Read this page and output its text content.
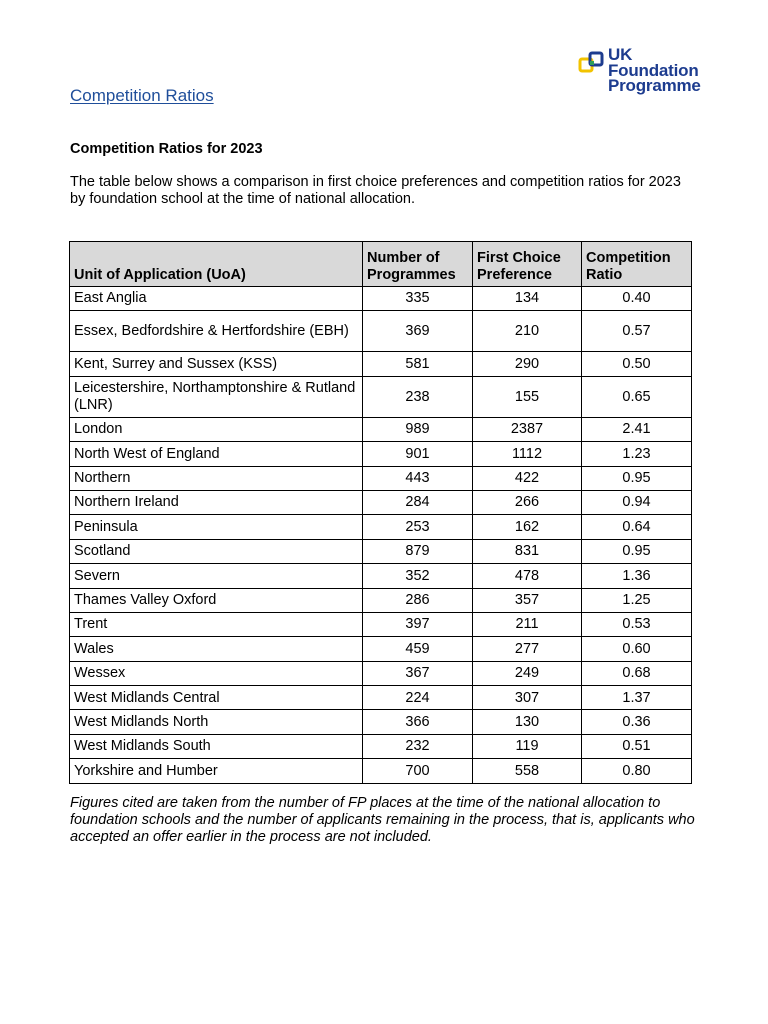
UK
Foundation
Programme
Competition Ratios
Competition Ratios for 2023
The table below shows a comparison in first choice preferences and competition ratios for 2023 by foundation school at the time of national allocation.
Unit of Application (UoA)	Number of Programmes	First Choice Preference	Competition Ratio
East Anglia	335	134	0.40
Essex, Bedfordshire & Hertfordshire (EBH)	369	210	0.57
Kent, Surrey and Sussex (KSS)	581	290	0.50
Leicestershire, Northamptonshire & Rutland (LNR)	238	155	0.65
London	989	2387	2.41
North West of England	901	1112	1.23
Northern	443	422	0.95
Northern Ireland	284	266	0.94
Peninsula	253	162	0.64
Scotland	879	831	0.95
Severn	352	478	1.36
Thames Valley Oxford	286	357	1.25
Trent	397	211	0.53
Wales	459	277	0.60
Wessex	367	249	0.68
West Midlands Central	224	307	1.37
West Midlands North	366	130	0.36
West Midlands South	232	119	0.51
Yorkshire and Humber	700	558	0.80
Figures cited are taken from the number of FP places at the time of the national allocation to foundation schools and the number of applicants remaining in the process, that is, applicants who accepted an offer earlier in the process are not included.
